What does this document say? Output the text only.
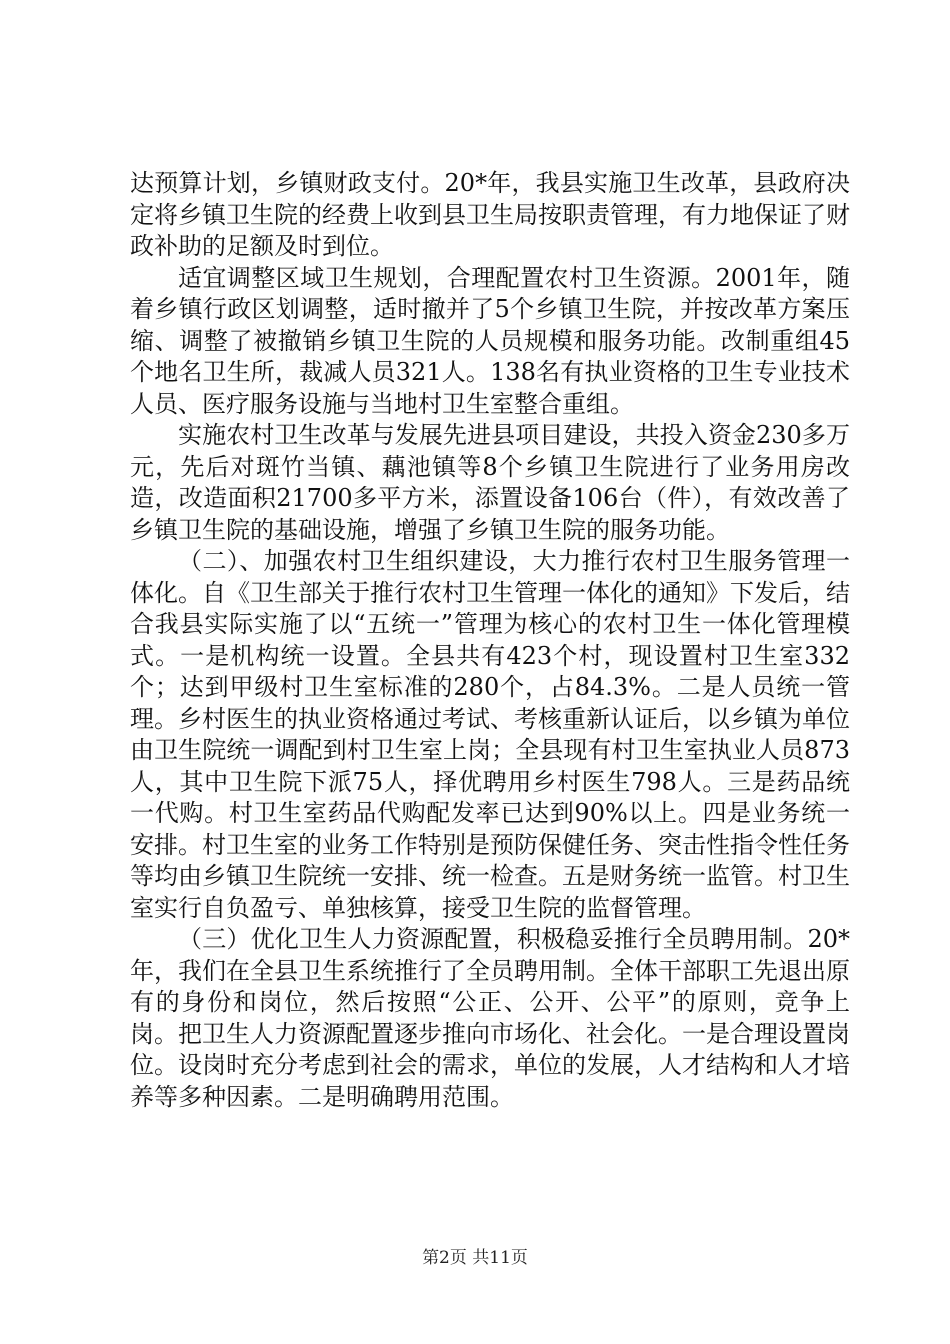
达预算计划，乡镇财政支付。20*年，我县实施卫生改革，县政府决定将乡镇卫生院的经费上收到县卫生局按职责管理，有力地保证了财政补助的足额及时到位。

适宜调整区域卫生规划，合理配置农村卫生资源。2001年，随着乡镇行政区划调整，适时撤并了5个乡镇卫生院，并按改革方案压缩、调整了被撤销乡镇卫生院的人员规模和服务功能。改制重组45个地名卫生所，裁减人员321人。138名有执业资格的卫生专业技术人员、医疗服务设施与当地村卫生室整合重组。

实施农村卫生改革与发展先进县项目建设，共投入资金230多万元，先后对斑竹当镇、藕池镇等8个乡镇卫生院进行了业务用房改造，改造面积21700多平方米，添置设备106台（件），有效改善了乡镇卫生院的基础设施，增强了乡镇卫生院的服务功能。

（二）、加强农村卫生组织建设，大力推行农村卫生服务管理一体化。自《卫生部关于推行农村卫生管理一体化的通知》下发后，结合我县实际实施了以“五统一”管理为核心的农村卫生一体化管理模式。一是机构统一设置。全县共有423个村，现设置村卫生室332个；达到甲级村卫生室标准的280个，占84.3%。二是人员统一管理。乡村医生的执业资格通过考试、考核重新认证后，以乡镇为单位由卫生院统一调配到村卫生室上岗；全县现有村卫生室执业人员873人，其中卫生院下派75人，择优聘用乡村医生798人。三是药品统一代购。村卫生室药品代购配发率已达到90%以上。四是业务统一安排。村卫生室的业务工作特别是预防保健任务、突击性指令性任务等均由乡镇卫生院统一安排、统一检查。五是财务统一监管。村卫生室实行自负盈亏、单独核算，接受卫生院的监督管理。

（三）优化卫生人力资源配置，积极稳妥推行全员聘用制。20*年，我们在全县卫生系统推行了全员聘用制。全体干部职工先退出原有的身份和岗位，然后按照“公正、公开、公平”的原则，竞争上岗。把卫生人力资源配置逐步推向市场化、社会化。一是合理设置岗位。设岗时充分考虑到社会的需求，单位的发展，人才结构和人才培养等多种因素。二是明确聘用范围。

第2页 共11页
